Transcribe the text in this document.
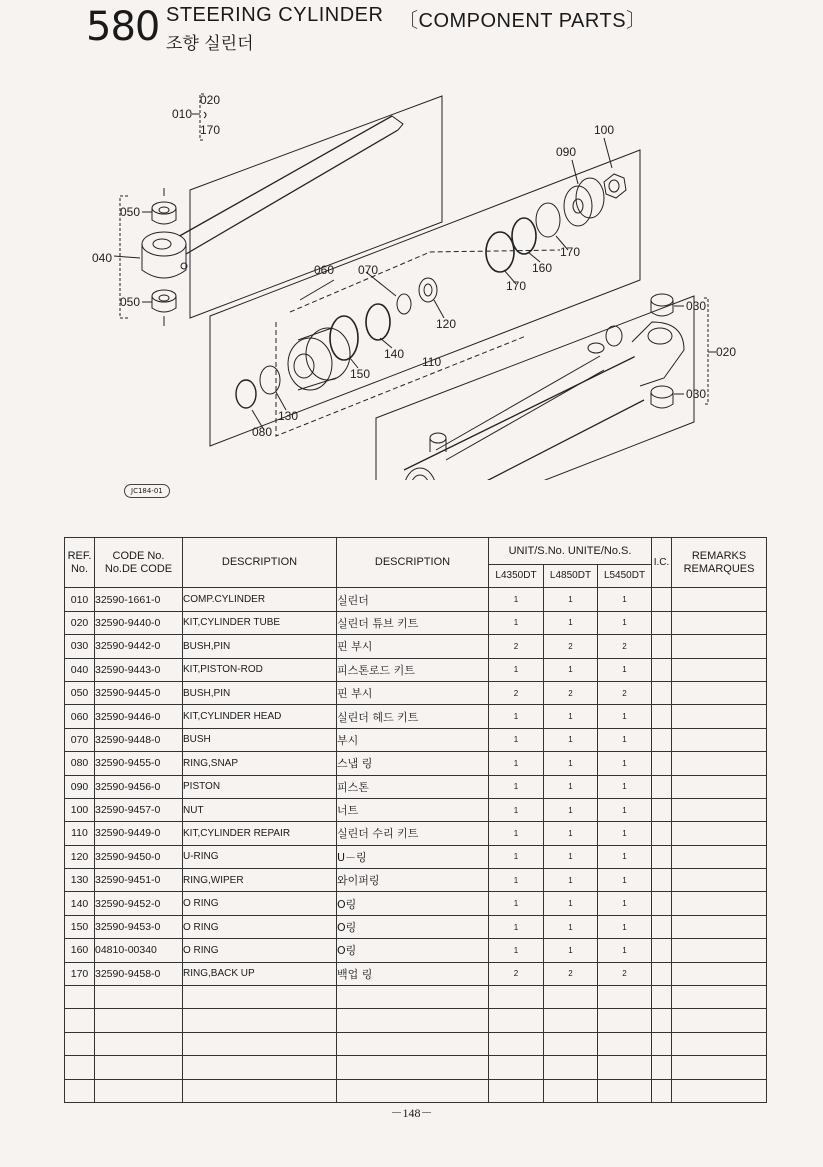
580 STEERING CYLINDER 〔COMPONENT PARTS〕
조향 실린더
020
010
170	100
090
050
040
050
170
160
060 070
170
030
120
020
140
110
150
030
130
080
JC184-01
REF. No.	CODE No. No.DE CODE	DESCRIPTION	DESCRIPTION	UNIT/S.No. UNITE/No.S.			I.C.	REMARKS REMARQUES
				L4350DT	L4850DT	L5450DT		
010	32590-1661-0	COMP.CYLINDER	실린더	1	1	1		
020	32590-9440-0	KIT,CYLINDER TUBE	실린더 튜브 키트	1	1	1		
030	32590-9442-0	BUSH,PIN	핀 부시	2	2	2		
040	32590-9443-0	KIT,PISTON-ROD	피스톤로드 키트	1	1	1		
050	32590-9445-0	BUSH,PIN	핀 부시	2	2	2		
060	32590-9446-0	KIT,CYLINDER HEAD	실린더 헤드 키트	1	1	1		
070	32590-9448-0	BUSH	부시	1	1	1		
080	32590-9455-0	RING,SNAP	스냅 링	1	1	1		
090	32590-9456-0	PISTON	피스톤	1	1	1		
100	32590-9457-0	NUT	너트	1	1	1		
110	32590-9449-0	KIT,CYLINDER REPAIR	실린더 수리 키트	1	1	1		
120	32590-9450-0	U-RING	U－링	1	1	1		
130	32590-9451-0	RING,WIPER	와이퍼링	1	1	1		
140	32590-9452-0	O RING	O링	1	1	1		
150	32590-9453-0	O RING	O링	1	1	1		
160	04810-00340	O RING	O링	1	1	1		
170	32590-9458-0	RING,BACK UP	백업 링	2	2	2		

－148－
